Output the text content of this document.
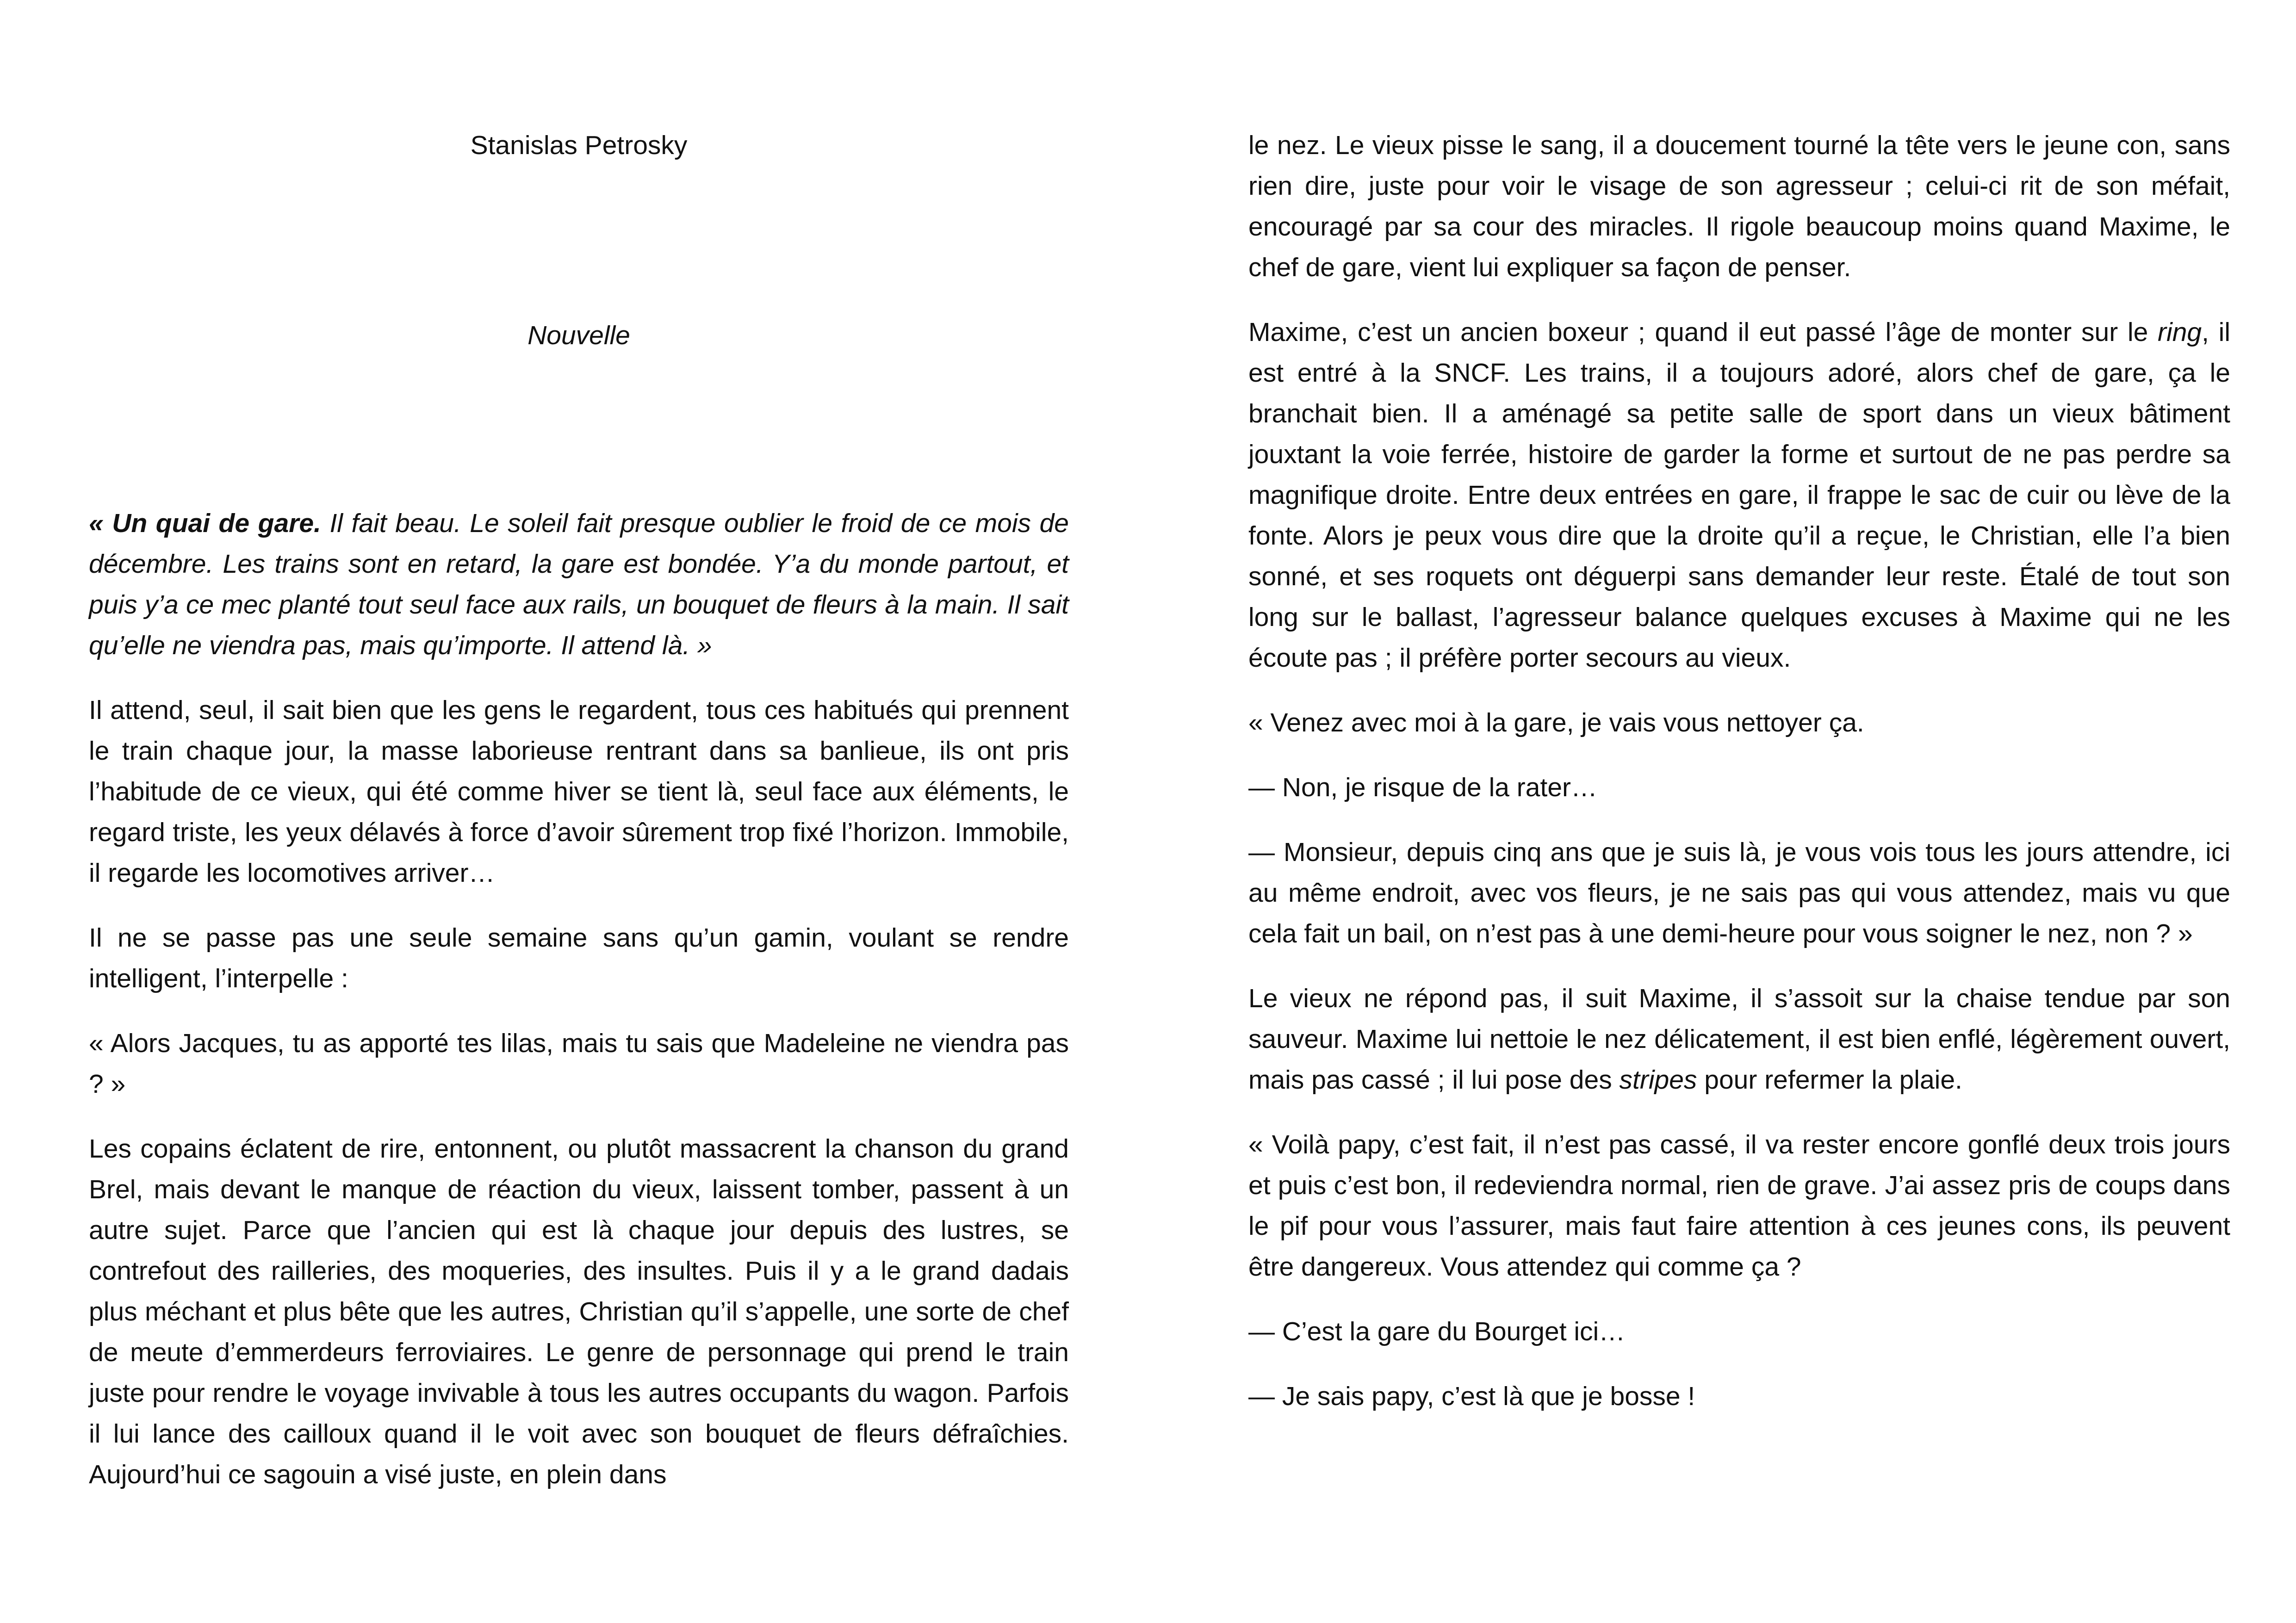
Stanislas Petrosky

Nouvelle

« Un quai de gare. Il fait beau. Le soleil fait presque oublier le froid de ce mois de décembre. Les trains sont en retard, la gare est bondée. Y’a du monde partout, et puis y’a ce mec planté tout seul face aux rails, un bouquet de fleurs à la main. Il sait qu’elle ne viendra pas, mais qu’importe. Il attend là. »

Il attend, seul, il sait bien que les gens le regardent, tous ces habitués qui prennent le train chaque jour, la masse laborieuse rentrant dans sa banlieue, ils ont pris l’habitude de ce vieux, qui été comme hiver se tient là, seul face aux éléments, le regard triste, les yeux délavés à force d’avoir sûrement trop fixé l’horizon. Immobile, il regarde les locomotives arriver…

Il ne se passe pas une seule semaine sans qu’un gamin, voulant se rendre intelligent, l’interpelle :

« Alors Jacques, tu as apporté tes lilas, mais tu sais que Madeleine ne viendra pas ? »

Les copains éclatent de rire, entonnent, ou plutôt massacrent la chanson du grand Brel, mais devant le manque de réaction du vieux, laissent tomber, passent à un autre sujet. Parce que l’ancien qui est là chaque jour depuis des lustres, se contrefout des railleries, des moqueries, des insultes. Puis il y a le grand dadais plus méchant et plus bête que les autres, Christian qu’il s’appelle, une sorte de chef de meute d’emmerdeurs ferroviaires. Le genre de personnage qui prend le train juste pour rendre le voyage invivable à tous les autres occupants du wagon. Parfois il lui lance des cailloux quand il le voit avec son bouquet de fleurs défraîchies. Aujourd’hui ce sagouin a visé juste, en plein dans

le nez. Le vieux pisse le sang, il a doucement tourné la tête vers le jeune con, sans rien dire, juste pour voir le visage de son agresseur ; celui-ci rit de son méfait, encouragé par sa cour des miracles. Il rigole beaucoup moins quand Maxime, le chef de gare, vient lui expliquer sa façon de penser.

Maxime, c’est un ancien boxeur ; quand il eut passé l’âge de monter sur le ring, il est entré à la SNCF. Les trains, il a toujours adoré, alors chef de gare, ça le branchait bien. Il a aménagé sa petite salle de sport dans un vieux bâtiment jouxtant la voie ferrée, histoire de garder la forme et surtout de ne pas perdre sa magnifique droite. Entre deux entrées en gare, il frappe le sac de cuir ou lève de la fonte. Alors je peux vous dire que la droite qu’il a reçue, le Christian, elle l’a bien sonné, et ses roquets ont déguerpi sans demander leur reste. Étalé de tout son long sur le ballast, l’agresseur balance quelques excuses à Maxime qui ne les écoute pas ; il préfère porter secours au vieux.

« Venez avec moi à la gare, je vais vous nettoyer ça.

— Non, je risque de la rater…

— Monsieur, depuis cinq ans que je suis là, je vous vois tous les jours attendre, ici au même endroit, avec vos fleurs, je ne sais pas qui vous attendez, mais vu que cela fait un bail, on n’est pas à une demi-heure pour vous soigner le nez, non ? »

Le vieux ne répond pas, il suit Maxime, il s’assoit sur la chaise tendue par son sauveur. Maxime lui nettoie le nez délicatement, il est bien enflé, légèrement ouvert, mais pas cassé ; il lui pose des stripes pour refermer la plaie.

« Voilà papy, c’est fait, il n’est pas cassé, il va rester encore gonflé deux trois jours et puis c’est bon, il redeviendra normal, rien de grave. J’ai assez pris de coups dans le pif pour vous l’assurer, mais faut faire attention à ces jeunes cons, ils peuvent être dangereux. Vous attendez qui comme ça ?

— C’est la gare du Bourget ici…

— Je sais papy, c’est là que je bosse !
